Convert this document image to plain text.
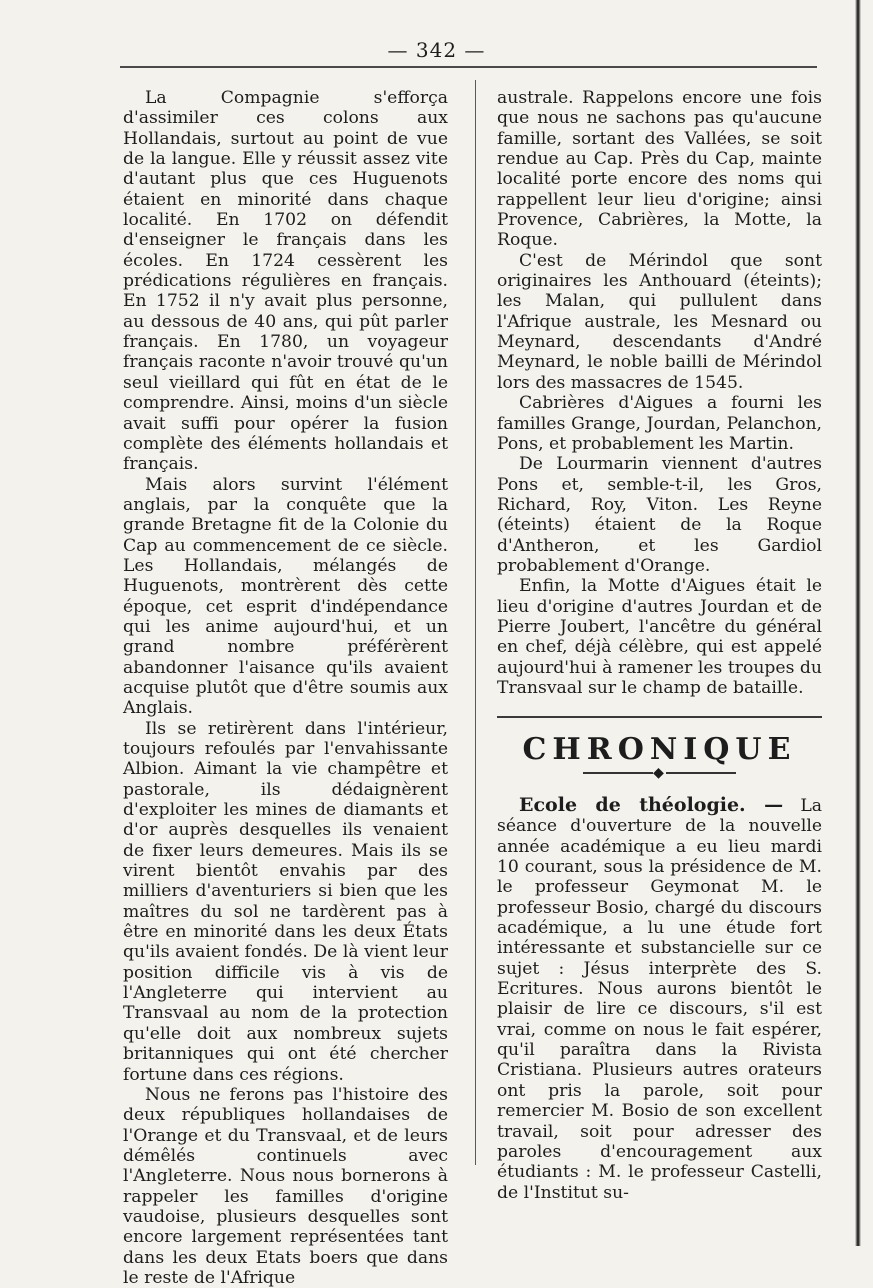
— 342 —

La Compagnie s'efforça d'assimiler ces colons aux Hollandais, surtout au point de vue de la langue. Elle y réussit assez vite d'autant plus que ces Huguenots étaient en minorité dans chaque localité. En 1702 on défendit d'enseigner le français dans les écoles. En 1724 cessèrent les prédications régulières en français. En 1752 il n'y avait plus personne, au dessous de 40 ans, qui pût parler français. En 1780, un voyageur français raconte n'avoir trouvé qu'un seul vieillard qui fût en état de le comprendre. Ainsi, moins d'un siècle avait suffi pour opérer la fusion complète des éléments hollandais et français.

Mais alors survint l'élément anglais, par la conquête que la grande Bretagne fit de la Colonie du Cap au commencement de ce siècle. Les Hollandais, mélangés de Huguenots, montrèrent dès cette époque, cet esprit d'indépendance qui les anime aujourd'hui, et un grand nombre préférèrent abandonner l'aisance qu'ils avaient acquise plutôt que d'être soumis aux Anglais.

Ils se retirèrent dans l'intérieur, toujours refoulés par l'envahissante Albion. Aimant la vie champêtre et pastorale, ils dédaignèrent d'exploiter les mines de diamants et d'or auprès desquelles ils venaient de fixer leurs demeures. Mais ils se virent bientôt envahis par des milliers d'aventuriers si bien que les maîtres du sol ne tardèrent pas à être en minorité dans les deux États qu'ils avaient fondés. De là vient leur position difficile vis à vis de l'Angleterre qui intervient au Transvaal au nom de la protection qu'elle doit aux nombreux sujets britanniques qui ont été chercher fortune dans ces régions.

Nous ne ferons pas l'histoire des deux républiques hollandaises de l'Orange et du Transvaal, et de leurs démêlés continuels avec l'Angleterre. Nous nous bornerons à rappeler les familles d'origine vaudoise, plusieurs desquelles sont encore largement représentées tant dans les deux Etats boers que dans le reste de l'Afrique

australe. Rappelons encore une fois que nous ne sachons pas qu'aucune famille, sortant des Vallées, se soit rendue au Cap. Près du Cap, mainte localité porte encore des noms qui rappellent leur lieu d'origine; ainsi Provence, Cabrières, la Motte, la Roque.

C'est de Mérindol que sont originaires les Anthouard (éteints); les Malan, qui pullulent dans l'Afrique australe, les Mesnard ou Meynard, descendants d'André Meynard, le noble bailli de Mérindol lors des massacres de 1545.

Cabrières d'Aigues a fourni les familles Grange, Jourdan, Pelanchon, Pons, et probablement les Martin.

De Lourmarin viennent d'autres Pons et, semble-t-il, les Gros, Richard, Roy, Viton. Les Reyne (éteints) étaient de la Roque d'Antheron, et les Gardiol probablement d'Orange.

Enfin, la Motte d'Aigues était le lieu d'origine d'autres Jourdan et de Pierre Joubert, l'ancêtre du général en chef, déjà célèbre, qui est appelé aujourd'hui à ramener les troupes du Transvaal sur le champ de bataille.

CHRONIQUE
◆

Ecole de théologie. — La séance d'ouverture de la nouvelle année académique a eu lieu mardi 10 courant, sous la présidence de M. le professeur Geymonat M. le professeur Bosio, chargé du discours académique, a lu une étude fort intéressante et substancielle sur ce sujet : Jésus interprète des S. Ecritures. Nous aurons bientôt le plaisir de lire ce discours, s'il est vrai, comme on nous le fait espérer, qu'il paraîtra dans la Rivista Cristiana. Plusieurs autres orateurs ont pris la parole, soit pour remercier M. Bosio de son excellent travail, soit pour adresser des paroles d'encouragement aux étudiants : M. le professeur Castelli, de l'Institut su-
